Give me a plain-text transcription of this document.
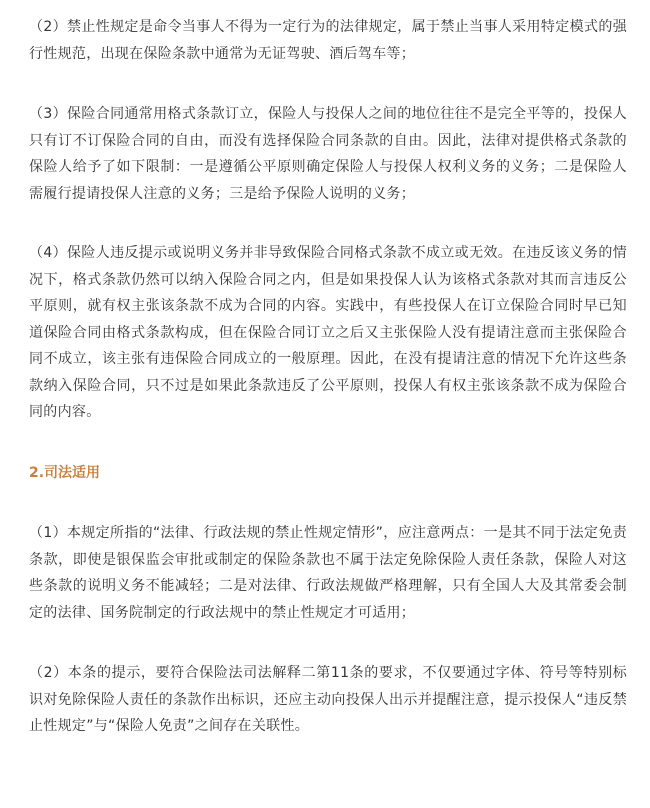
（2）禁止性规定是命令当事人不得为一定行为的法律规定，属于禁止当事人采用特定模式的强行性规范，出现在保险条款中通常为无证驾驶、酒后驾车等；

（3）保险合同通常用格式条款订立，保险人与投保人之间的地位往往不是完全平等的，投保人只有订不订保险合同的自由，而没有选择保险合同条款的自由。因此，法律对提供格式条款的保险人给予了如下限制：一是遵循公平原则确定保险人与投保人权利义务的义务；二是保险人需履行提请投保人注意的义务；三是给予保险人说明的义务；

（4）保险人违反提示或说明义务并非导致保险合同格式条款不成立或无效。在违反该义务的情况下，格式条款仍然可以纳入保险合同之内，但是如果投保人认为该格式条款对其而言违反公平原则，就有权主张该条款不成为合同的内容。实践中，有些投保人在订立保险合同时早已知道保险合同由格式条款构成，但在保险合同订立之后又主张保险人没有提请注意而主张保险合同不成立，该主张有违保险合同成立的一般原理。因此，在没有提请注意的情况下允许这些条款纳入保险合同，只不过是如果此条款违反了公平原则，投保人有权主张该条款不成为保险合同的内容。

2.司法适用

（1）本规定所指的“法律、行政法规的禁止性规定情形”，应注意两点：一是其不同于法定免责条款，即使是银保监会审批或制定的保险条款也不属于法定免除保险人责任条款，保险人对这些条款的说明义务不能减轻；二是对法律、行政法规做严格理解，只有全国人大及其常委会制定的法律、国务院制定的行政法规中的禁止性规定才可适用；

（2）本条的提示，要符合保险法司法解释二第11条的要求，不仅要通过字体、符号等特别标识对免除保险人责任的条款作出标识，还应主动向投保人出示并提醒注意，提示投保人“违反禁止性规定”与“保险人免责”之间存在关联性。
